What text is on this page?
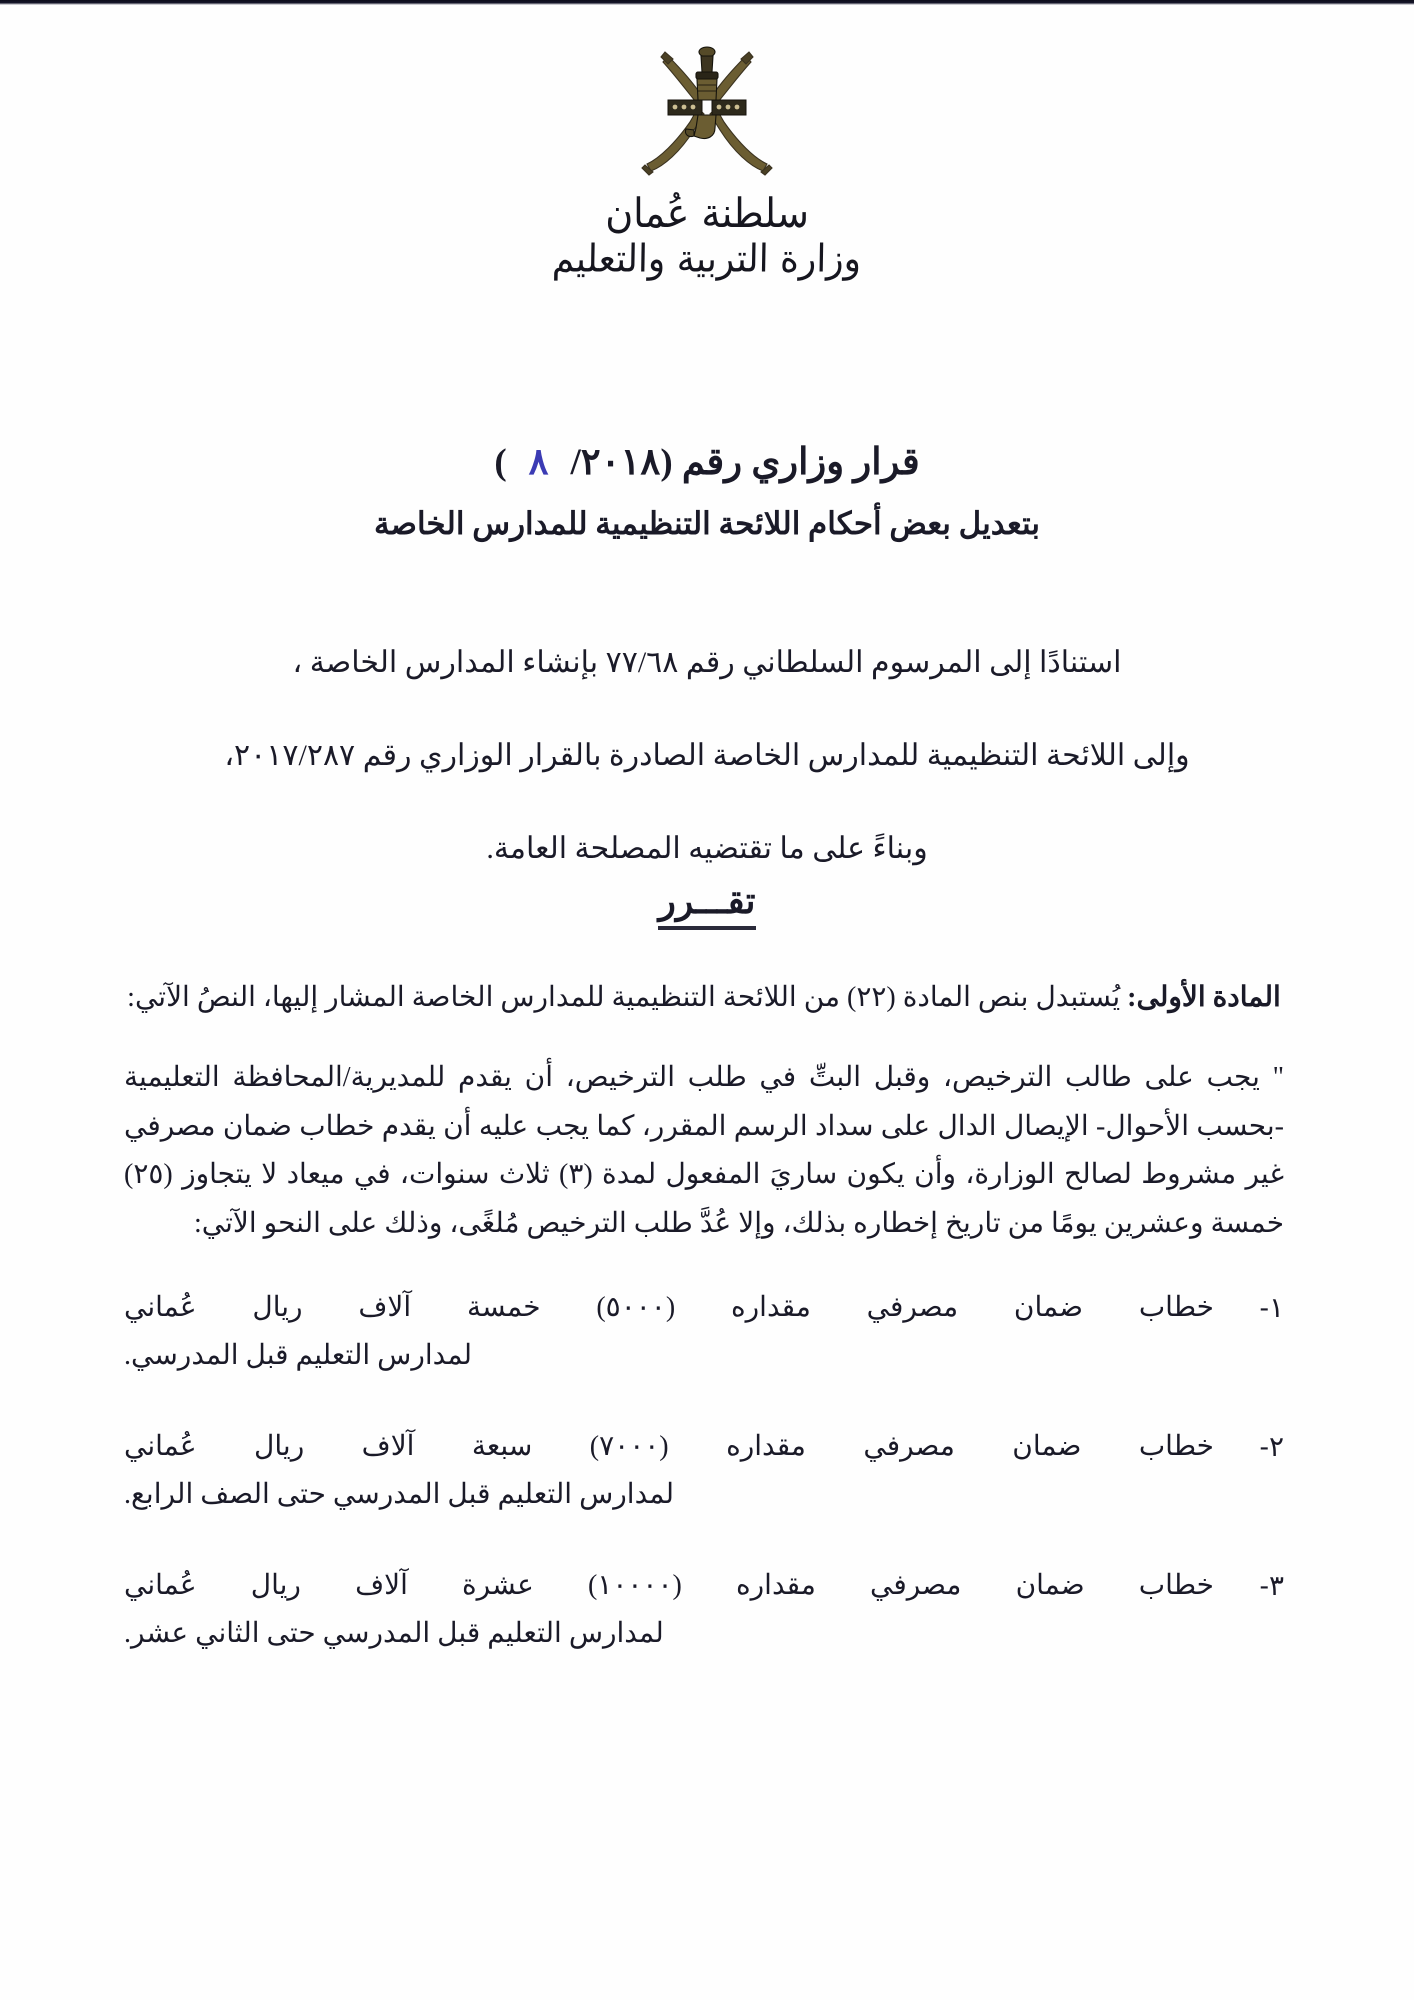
سلطنة عُمان
وزارة التربية والتعليم
قرار وزاري رقم (٨/٢٠١٨)
بتعديل بعض أحكام اللائحة التنظيمية للمدارس الخاصة

استنادًا إلى المرسوم السلطاني رقم ٧٧/٦٨ بإنشاء المدارس الخاصة ،

وإلى اللائحة التنظيمية للمدارس الخاصة الصادرة بالقرار الوزاري رقم ٢٠١٧/٢٨٧،

وبناءً على ما تقتضيه المصلحة العامة.

تقـــرر

المادة الأولى: يُستبدل بنص المادة (٢٢) من اللائحة التنظيمية للمدارس الخاصة المشار إليها، النصُ الآتي:

" يجب على طالب الترخيص، وقبل البتِّ في طلب الترخيص، أن يقدم للمديرية/المحافظة التعليمية -بحسب الأحوال- الإيصال الدال على سداد الرسم المقرر، كما يجب عليه أن يقدم خطاب ضمان مصرفي غير مشروط لصالح الوزارة، وأن يكون ساريَ المفعول لمدة (٣) ثلاث سنوات، في ميعاد لا يتجاوز (٢٥) خمسة وعشرين يومًا من تاريخ إخطاره بذلك، وإلا عُدَّ طلب الترخيص مُلغًى، وذلك على النحو الآتي:

١-
خطاب ضمان مصرفي مقداره (٥٠٠٠) خمسة آلاف ريال عُماني
لمدارس التعليم قبل المدرسي.
٢-
خطاب ضمان مصرفي مقداره (٧٠٠٠) سبعة آلاف ريال عُماني
لمدارس التعليم قبل المدرسي حتى الصف الرابع.
٣-
خطاب ضمان مصرفي مقداره (١٠٠٠٠) عشرة آلاف ريال عُماني
لمدارس التعليم قبل المدرسي حتى الثاني عشر.
